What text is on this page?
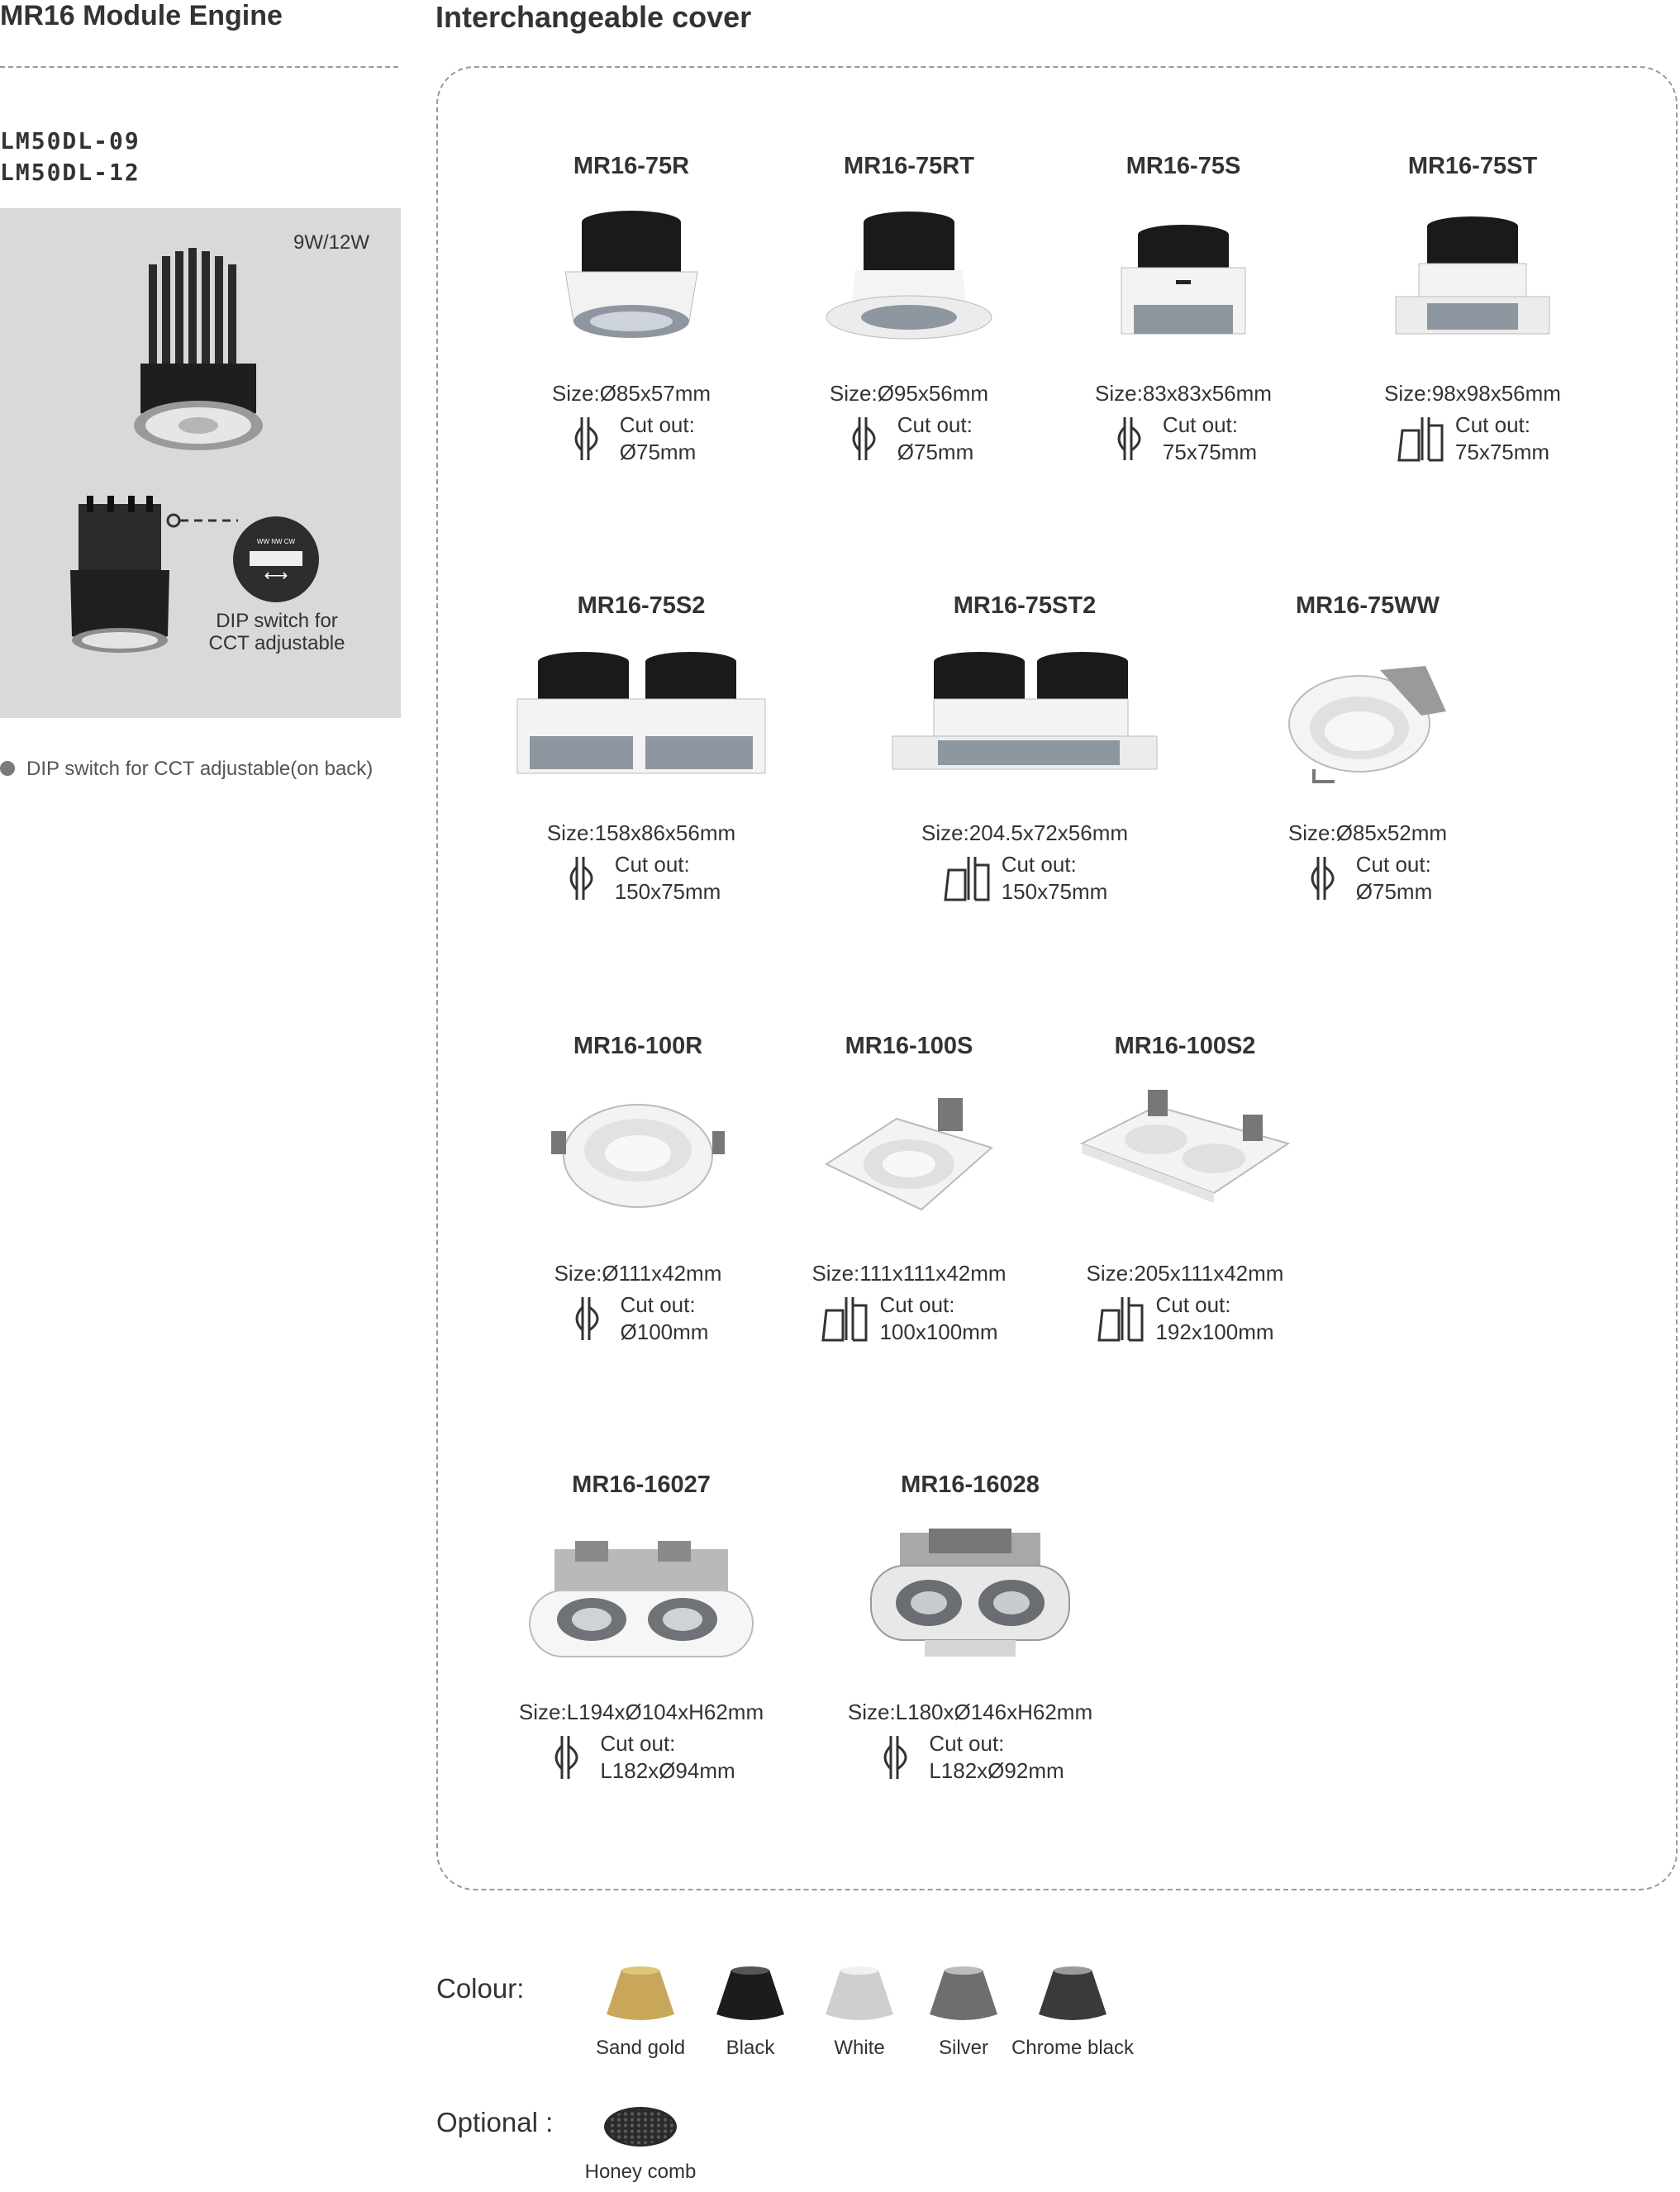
MR16 Module Engine
LM50DL-09
LM50DL-12
9W/12W
WW NW CW
⟷
DIP switch for
CCT adjustable
DIP switch for CCT adjustable(on back)
Interchangeable cover
MR16-75R
Size:Ø85x57mm
Cut out:
Ø75mm
MR16-75RT
Size:Ø95x56mm
Cut out:
Ø75mm
MR16-75S
Size:83x83x56mm
Cut out:
75x75mm
MR16-75ST
Size:98x98x56mm
Cut out:
75x75mm
MR16-75S2
Size:158x86x56mm
Cut out:
150x75mm
MR16-75ST2
Size:204.5x72x56mm
Cut out:
150x75mm
MR16-75WW
Size:Ø85x52mm
Cut out:
Ø75mm
MR16-100R
Size:Ø111x42mm
Cut out:
Ø100mm
MR16-100S
Size:111x111x42mm
Cut out:
100x100mm
MR16-100S2
Size:205x111x42mm
Cut out:
192x100mm
MR16-16027
Size:L194xØ104xH62mm
Cut out:
L182xØ94mm
MR16-16028
Size:L180xØ146xH62mm
Cut out:
L182xØ92mm
Colour:
Sand gold	Black	White	Silver	Chrome black
Optional :
Honey comb
